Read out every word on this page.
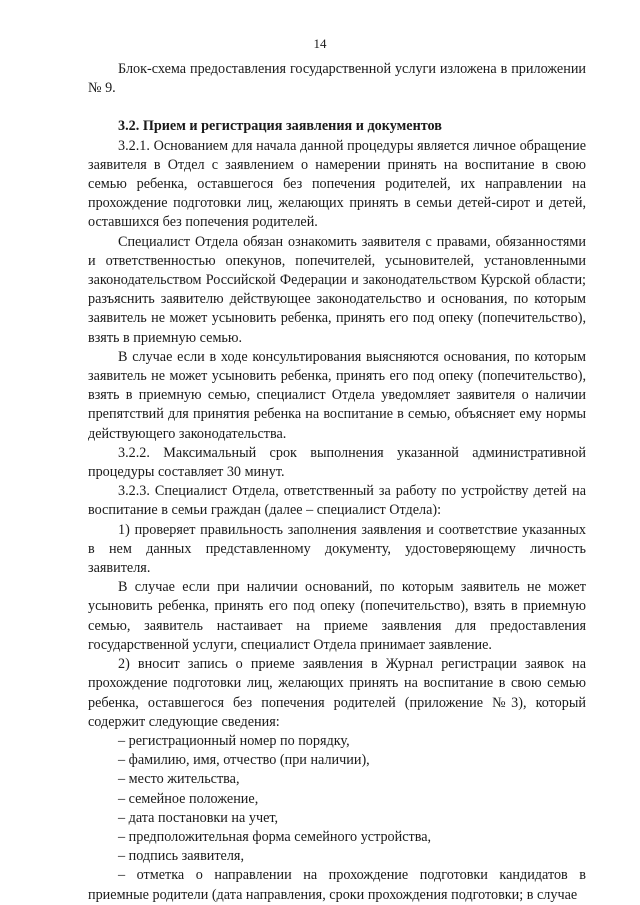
14

Блок-схема предоставления государственной услуги изложена в приложении № 9.

3.2. Прием и регистрация заявления и документов

3.2.1. Основанием для начала данной процедуры является личное обращение заявителя в Отдел с заявлением о намерении принять на воспитание в свою семью ребенка, оставшегося без попечения родителей, их направлении на прохождение подготовки лиц, желающих принять в семьи детей-сирот и детей, оставшихся без попечения родителей.

Специалист Отдела обязан ознакомить заявителя с правами, обязанностями и ответственностью опекунов, попечителей, усыновителей, установленными законодательством Российской Федерации и законодательством Курской области; разъяснить заявителю действующее законодательство и основания, по которым заявитель не может усыновить ребенка, принять его под опеку (попечительство), взять в приемную семью.

В случае если в ходе консультирования выясняются основания, по которым заявитель не может усыновить ребенка, принять его под опеку (попечительство), взять в приемную семью, специалист Отдела уведомляет заявителя о наличии препятствий для принятия ребенка на воспитание в семью, объясняет ему нормы действующего законодательства.

3.2.2. Максимальный срок выполнения указанной административной процедуры составляет 30 минут.

3.2.3. Специалист Отдела, ответственный за работу по устройству детей на воспитание в семьи граждан (далее – специалист Отдела):

1) проверяет правильность заполнения заявления и соответствие указанных в нем данных представленному документу, удостоверяющему личность заявителя.

В случае если при наличии оснований, по которым заявитель не может усыновить ребенка, принять его под опеку (попечительство), взять в приемную семью, заявитель настаивает на приеме заявления для предоставления государственной услуги, специалист Отдела принимает заявление.

2) вносит запись о приеме заявления в Журнал регистрации заявок на прохождение подготовки лиц, желающих принять на воспитание в свою семью ребенка, оставшегося без попечения родителей (приложение №3), который содержит следующие сведения:

– регистрационный номер по порядку,

– фамилию, имя, отчество (при наличии),

– место жительства,

– семейное положение,

– дата постановки на учет,

– предположительная форма семейного устройства,

– подпись заявителя,

– отметка о направлении на прохождение подготовки кандидатов в приемные родители (дата направления, сроки прохождения подготовки; в случае
